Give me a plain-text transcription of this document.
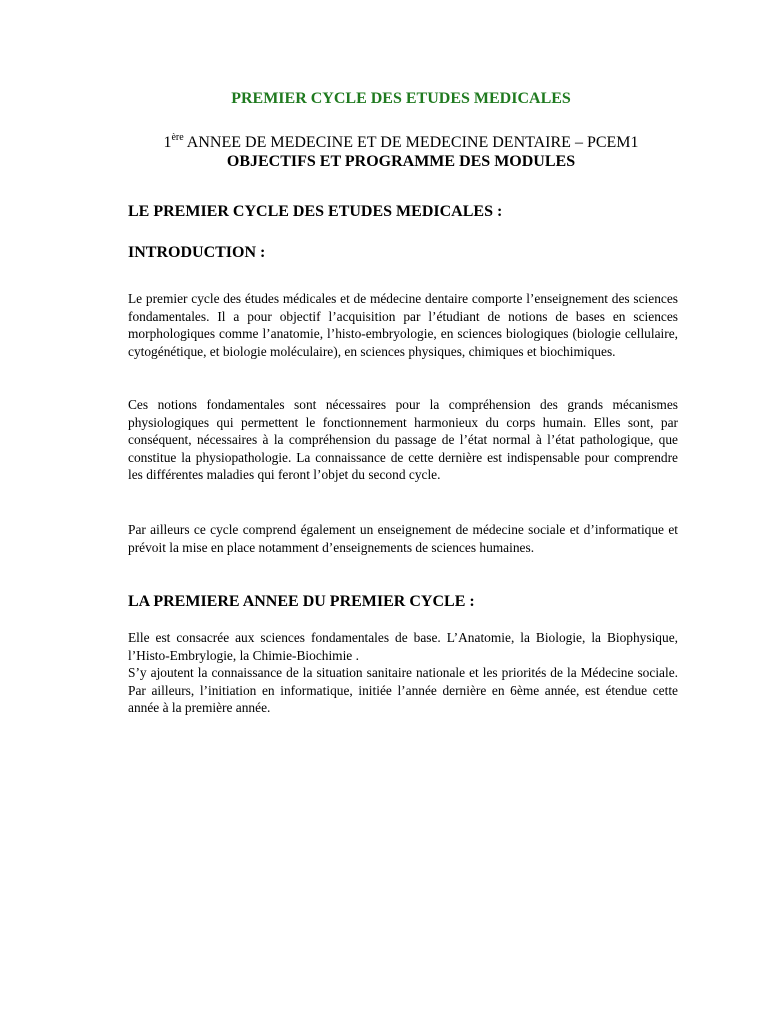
PREMIER CYCLE DES ETUDES MEDICALES
1ère ANNEE DE MEDECINE ET DE MEDECINE DENTAIRE – PCEM1
OBJECTIFS ET PROGRAMME DES MODULES
LE PREMIER CYCLE DES ETUDES MEDICALES :
INTRODUCTION :
Le premier cycle des études médicales et de médecine dentaire comporte l’enseignement des sciences fondamentales. Il a pour objectif l’acquisition par l’étudiant de notions de bases en sciences morphologiques comme l’anatomie, l’histo-embryologie, en sciences biologiques (biologie cellulaire, cytogénétique, et biologie moléculaire), en sciences physiques, chimiques et biochimiques.
Ces notions fondamentales sont nécessaires pour la compréhension des grands mécanismes physiologiques qui permettent le fonctionnement harmonieux du corps humain. Elles sont, par conséquent, nécessaires à la compréhension du passage de l’état normal à l’état pathologique, que constitue la physiopathologie. La connaissance de cette dernière est indispensable pour comprendre les différentes maladies qui feront l’objet du second cycle.
Par ailleurs ce cycle comprend également un enseignement de médecine sociale et d’informatique et prévoit la mise en place notamment d’enseignements de sciences humaines.
LA PREMIERE ANNEE DU PREMIER CYCLE :
Elle est consacrée aux sciences fondamentales de base. L’Anatomie, la Biologie, la Biophysique, l’Histo-Embrylogie, la Chimie-Biochimie .
S’y ajoutent la connaissance de la situation sanitaire nationale et les priorités de la Médecine sociale. Par ailleurs, l’initiation en informatique, initiée l’année dernière en 6ème année, est étendue cette année à la première année.
